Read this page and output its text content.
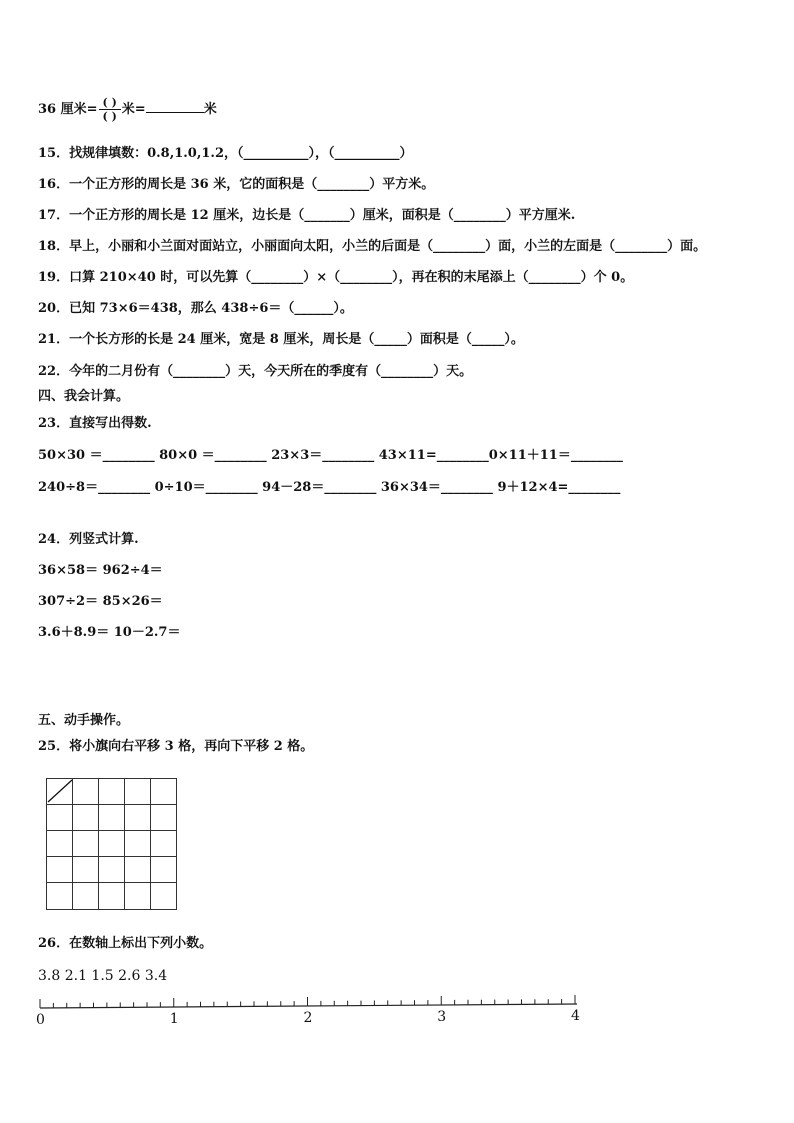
36 厘米= $\frac{( )}{( )}$ 米=	米
15．找规律填数：0.8,1.0,1.2，（__________），（__________）
16．一个正方形的周长是 36 米，它的面积是（________）平方米。
17．一个正方形的周长是 12 厘米，边长是（_______）厘米，面积是（________）平方厘米.
18．早上，小丽和小兰面对面站立，小丽面向太阳，小兰的后面是（________）面，小兰的左面是（________）面。
19．口算 210×40 时，可以先算（________）×（________），再在积的末尾添上（________）个 0。
20．已知 73×6＝438，那么 438÷6＝（______）。
21．一个长方形的长是 24 厘米，宽是 8 厘米，周长是（_____）面积是（_____）。
22．今年的二月份有（________）天，今天所在的季度有（________）天。
四、我会计算。
23．直接写出得数.
50×30 ＝________ 80×0 ＝________ 23×3＝________ 43×11=________0×11＋11＝________
240÷8＝________ 0÷10＝________ 94－28＝________ 36×34＝________ 9＋12×4=________
24．列竖式计算.
36×58＝ 962÷4＝
307÷2＝ 85×26＝
3.6＋8.9＝ 10－2.7＝
五、动手操作。
25．将小旗向右平移 3 格，再向下平移 2 格。
26．在数轴上标出下列小数。
3.8 2.1 1.5 2.6 3.4
0	1	2	3	4
